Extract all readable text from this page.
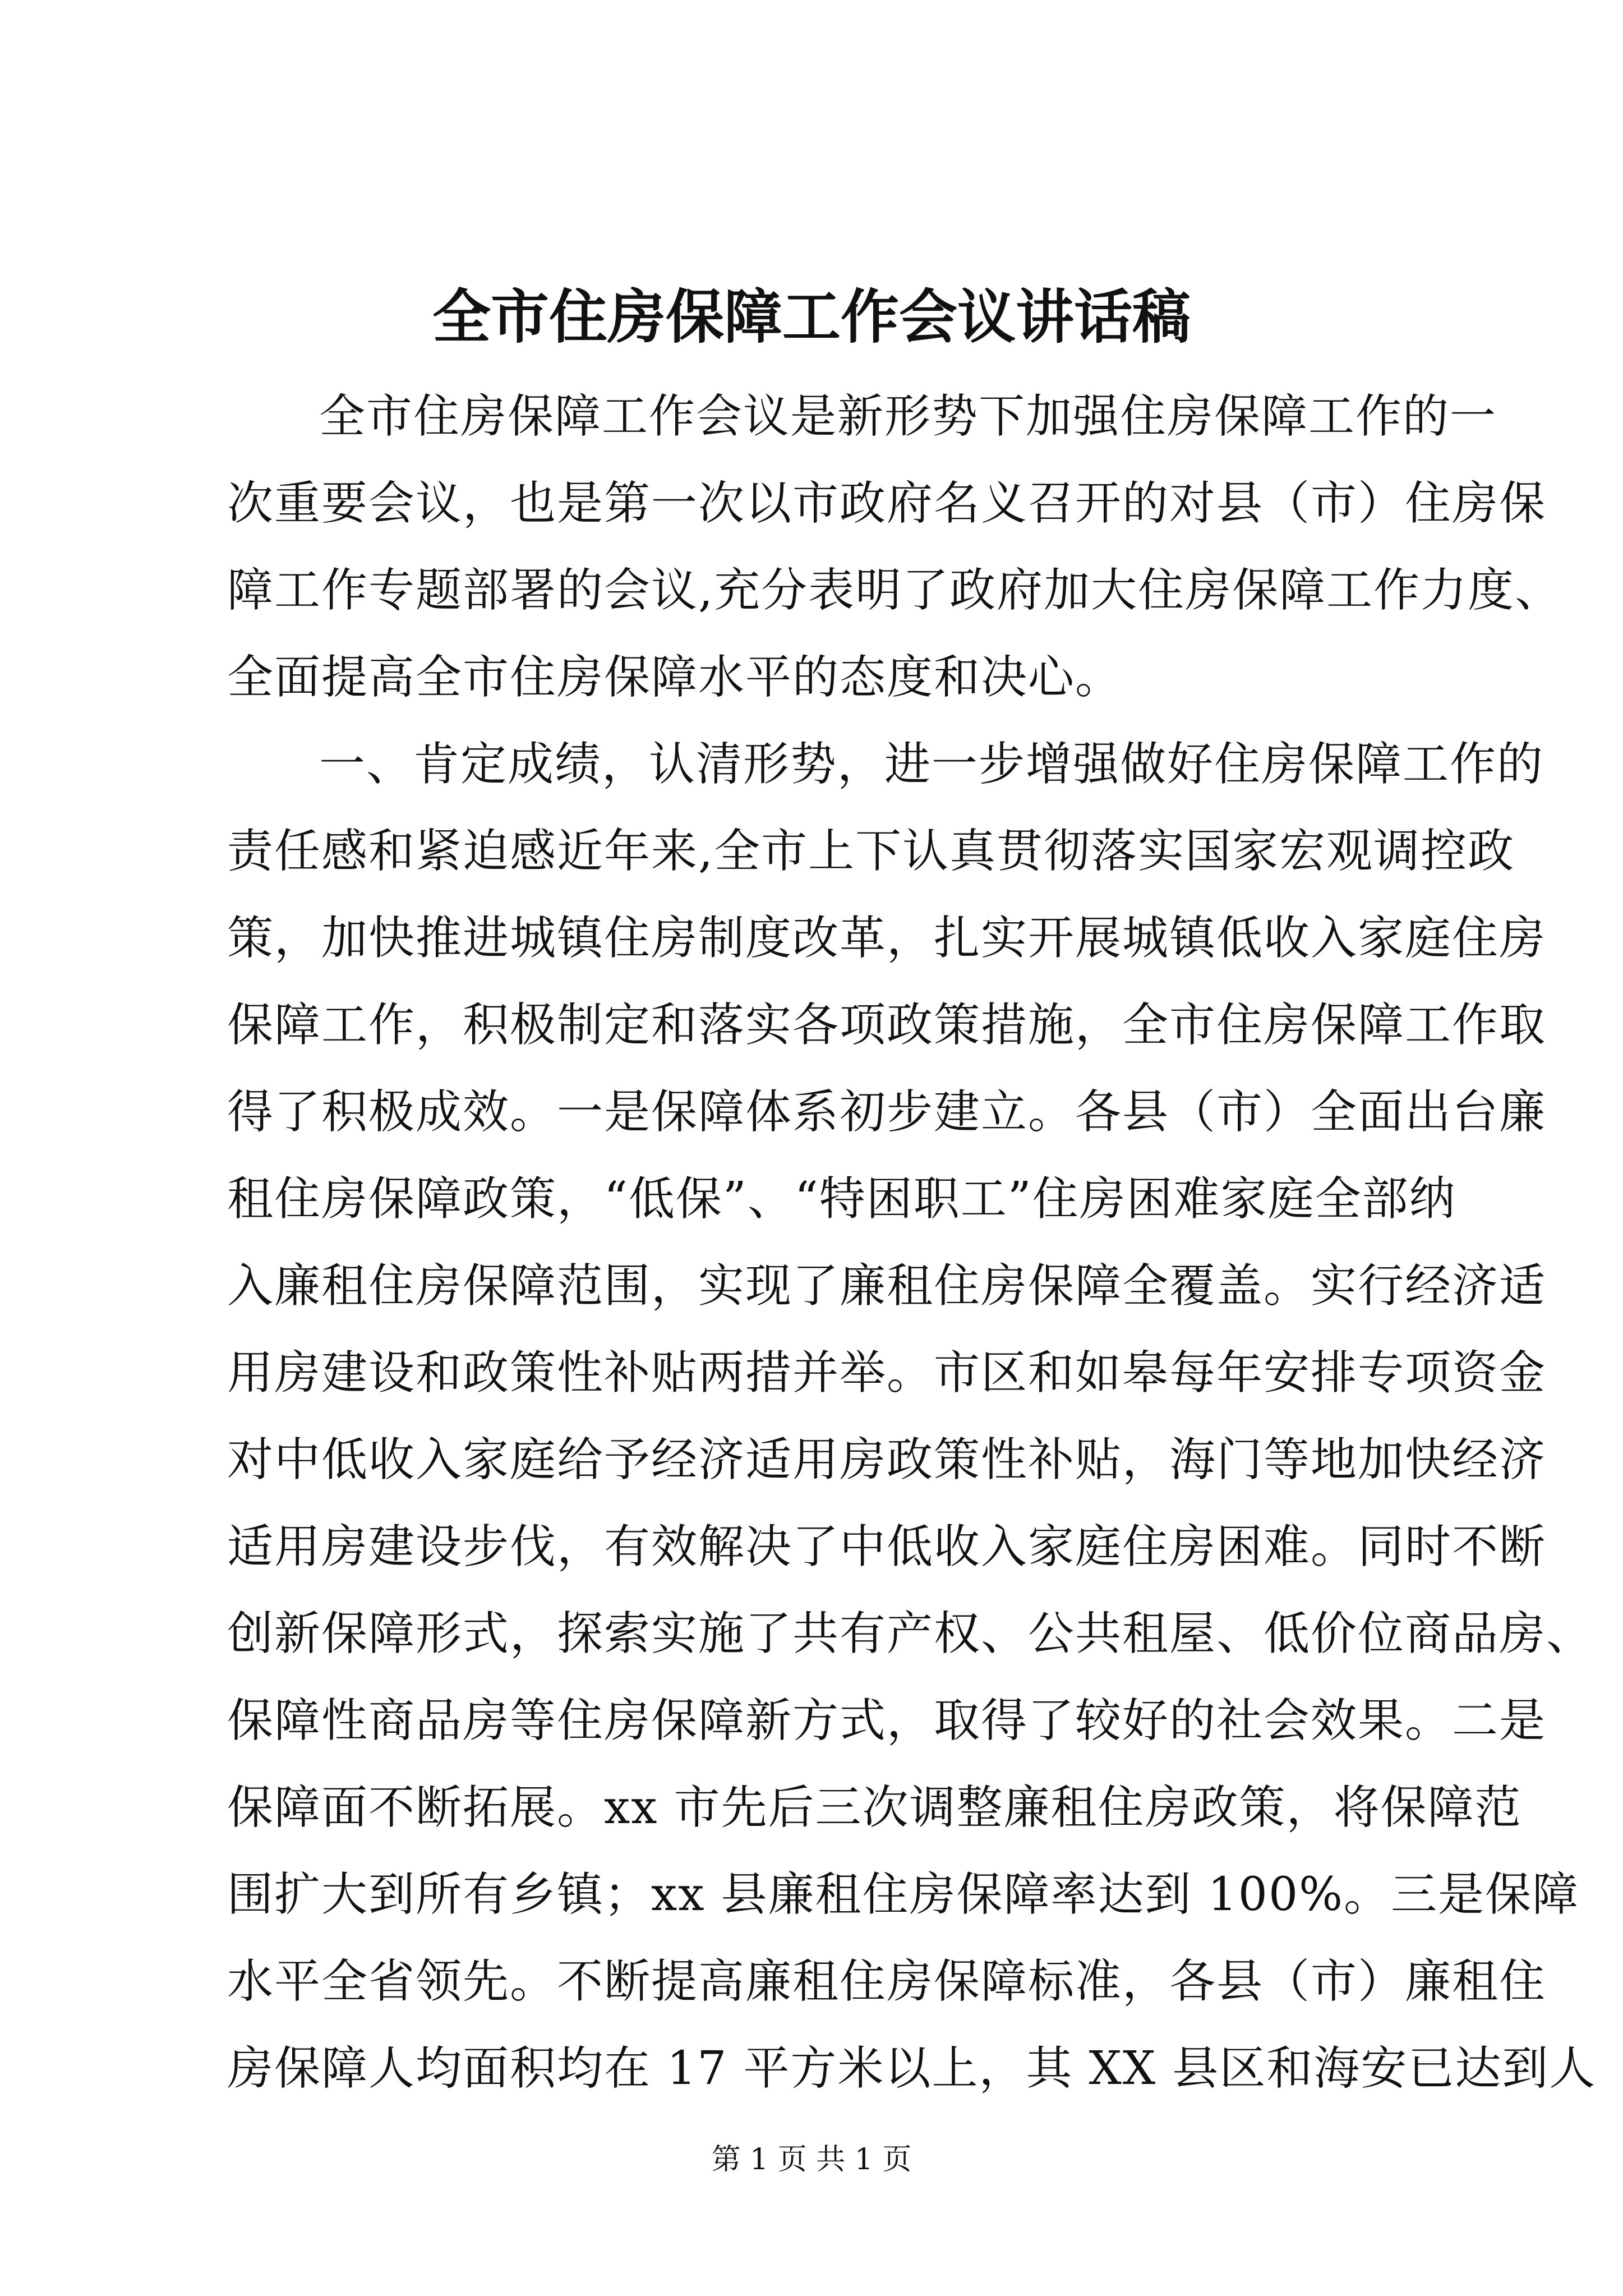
全市住房保障工作会议讲话稿
全市住房保障工作会议是新形势下加强住房保障工作的一
次重要会议，也是第一次以市政府名义召开的对县（市）住房保
障工作专题部署的会议,充分表明了政府加大住房保障工作力度、
全面提高全市住房保障水平的态度和决心。
一、肯定成绩，认清形势，进一步增强做好住房保障工作的
责任感和紧迫感近年来,全市上下认真贯彻落实国家宏观调控政
策，加快推进城镇住房制度改革，扎实开展城镇低收入家庭住房
保障工作，积极制定和落实各项政策措施，全市住房保障工作取
得了积极成效。一是保障体系初步建立。各县（市）全面出台廉
租住房保障政策，“低保”、“特困职工”住房困难家庭全部纳
入廉租住房保障范围，实现了廉租住房保障全覆盖。实行经济适
用房建设和政策性补贴两措并举。市区和如皋每年安排专项资金
对中低收入家庭给予经济适用房政策性补贴，海门等地加快经济
适用房建设步伐，有效解决了中低收入家庭住房困难。同时不断
创新保障形式，探索实施了共有产权、公共租屋、低价位商品房、
保障性商品房等住房保障新方式，取得了较好的社会效果。二是
保障面不断拓展。xx 市先后三次调整廉租住房政策，将保障范
围扩大到所有乡镇；xx 县廉租住房保障率达到 100%。三是保障
水平全省领先。不断提高廉租住房保障标准，各县（市）廉租住
房保障人均面积均在 17 平方米以上，其 XX 县区和海安已达到人
第 1 页 共 1 页
